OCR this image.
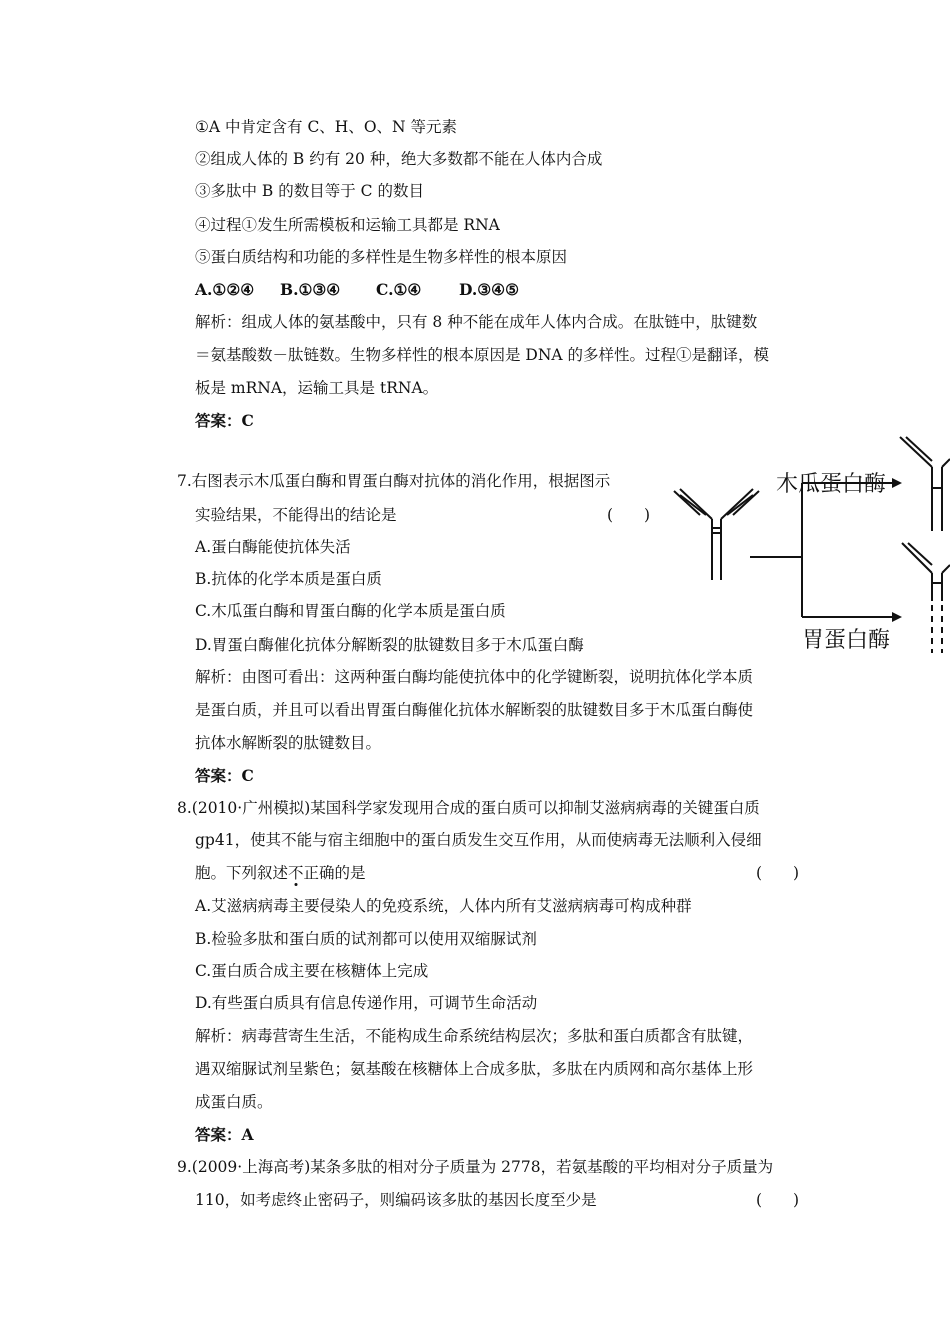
①A 中肯定含有 C、H、O、N 等元素
②组成人体的 B 约有 20 种，绝大多数都不能在人体内合成
③多肽中 B 的数目等于 C 的数目
④过程①发生所需模板和运输工具都是 RNA
⑤蛋白质结构和功能的多样性是生物多样性的根本原因
A.①②④ B.①③④ C.①④ D.③④⑤
解析：组成人体的氨基酸中，只有 8 种不能在成年人体内合成。在肽链中，肽键数
＝氨基酸数－肽链数。生物多样性的根本原因是 DNA 的多样性。过程①是翻译，模
板是 mRNA，运输工具是 tRNA。
答案：C
7.右图表示木瓜蛋白酶和胃蛋白酶对抗体的消化作用，根据图示
实验结果，不能得出的结论是	(　　)
A.蛋白酶能使抗体失活
B.抗体的化学本质是蛋白质
C.木瓜蛋白酶和胃蛋白酶的化学本质是蛋白质
D.胃蛋白酶催化抗体分解断裂的肽键数目多于木瓜蛋白酶
解析：由图可看出：这两种蛋白酶均能使抗体中的化学键断裂，说明抗体化学本质
是蛋白质，并且可以看出胃蛋白酶催化抗体水解断裂的肽键数目多于木瓜蛋白酶使
抗体水解断裂的肽键数目。
答案：C
木瓜蛋白酶
胃蛋白酶
8.(2010·广州模拟)某国科学家发现用合成的蛋白质可以抑制艾滋病病毒的关键蛋白质
gp41，使其不能与宿主细胞中的蛋白质发生交互作用，从而使病毒无法顺利入侵细
胞。下列叙述不正确的是	(　　)
A.艾滋病病毒主要侵染人的免疫系统，人体内所有艾滋病病毒可构成种群
B.检验多肽和蛋白质的试剂都可以使用双缩脲试剂
C.蛋白质合成主要在核糖体上完成
D.有些蛋白质具有信息传递作用，可调节生命活动
解析：病毒营寄生生活，不能构成生命系统结构层次；多肽和蛋白质都含有肽键，
遇双缩脲试剂呈紫色；氨基酸在核糖体上合成多肽，多肽在内质网和高尔基体上形
成蛋白质。
答案：A
9.(2009·上海高考)某条多肽的相对分子质量为 2778，若氨基酸的平均相对分子质量为
110，如考虑终止密码子，则编码该多肽的基因长度至少是	(　　)
